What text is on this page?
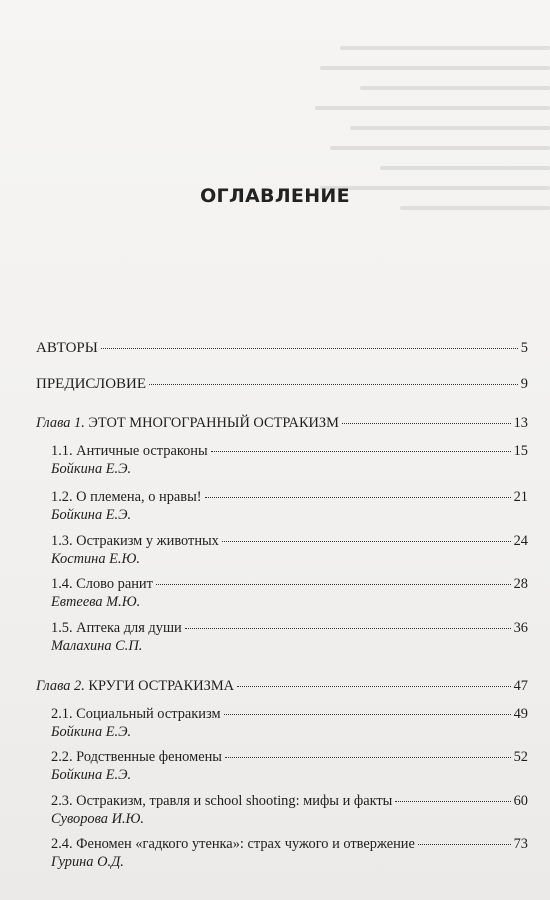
ОГЛАВЛЕНИЕ
АВТОРЫ	5
ПРЕДИСЛОВИЕ	9
Глава 1. ЭТОТ МНОГОГРАННЫЙ ОСТРАКИЗМ	13
1.1. Античные остраконы	15
Бойкина Е.Э.
1.2. О племена, о нравы!	21
Бойкина Е.Э.
1.3. Остракизм у животных	24
Костина Е.Ю.
1.4. Слово ранит	28
Евтеева М.Ю.
1.5. Аптека для души	36
Малахина С.П.
Глава 2. КРУГИ ОСТРАКИЗМА	47
2.1. Социальный остракизм	49
Бойкина Е.Э.
2.2. Родственные феномены	52
Бойкина Е.Э.
2.3. Остракизм, травля и school shooting: мифы и факты	60
Суворова И.Ю.
2.4. Феномен «гадкого утенка»: страх чужого и отвержение	73
Гурина О.Д.
